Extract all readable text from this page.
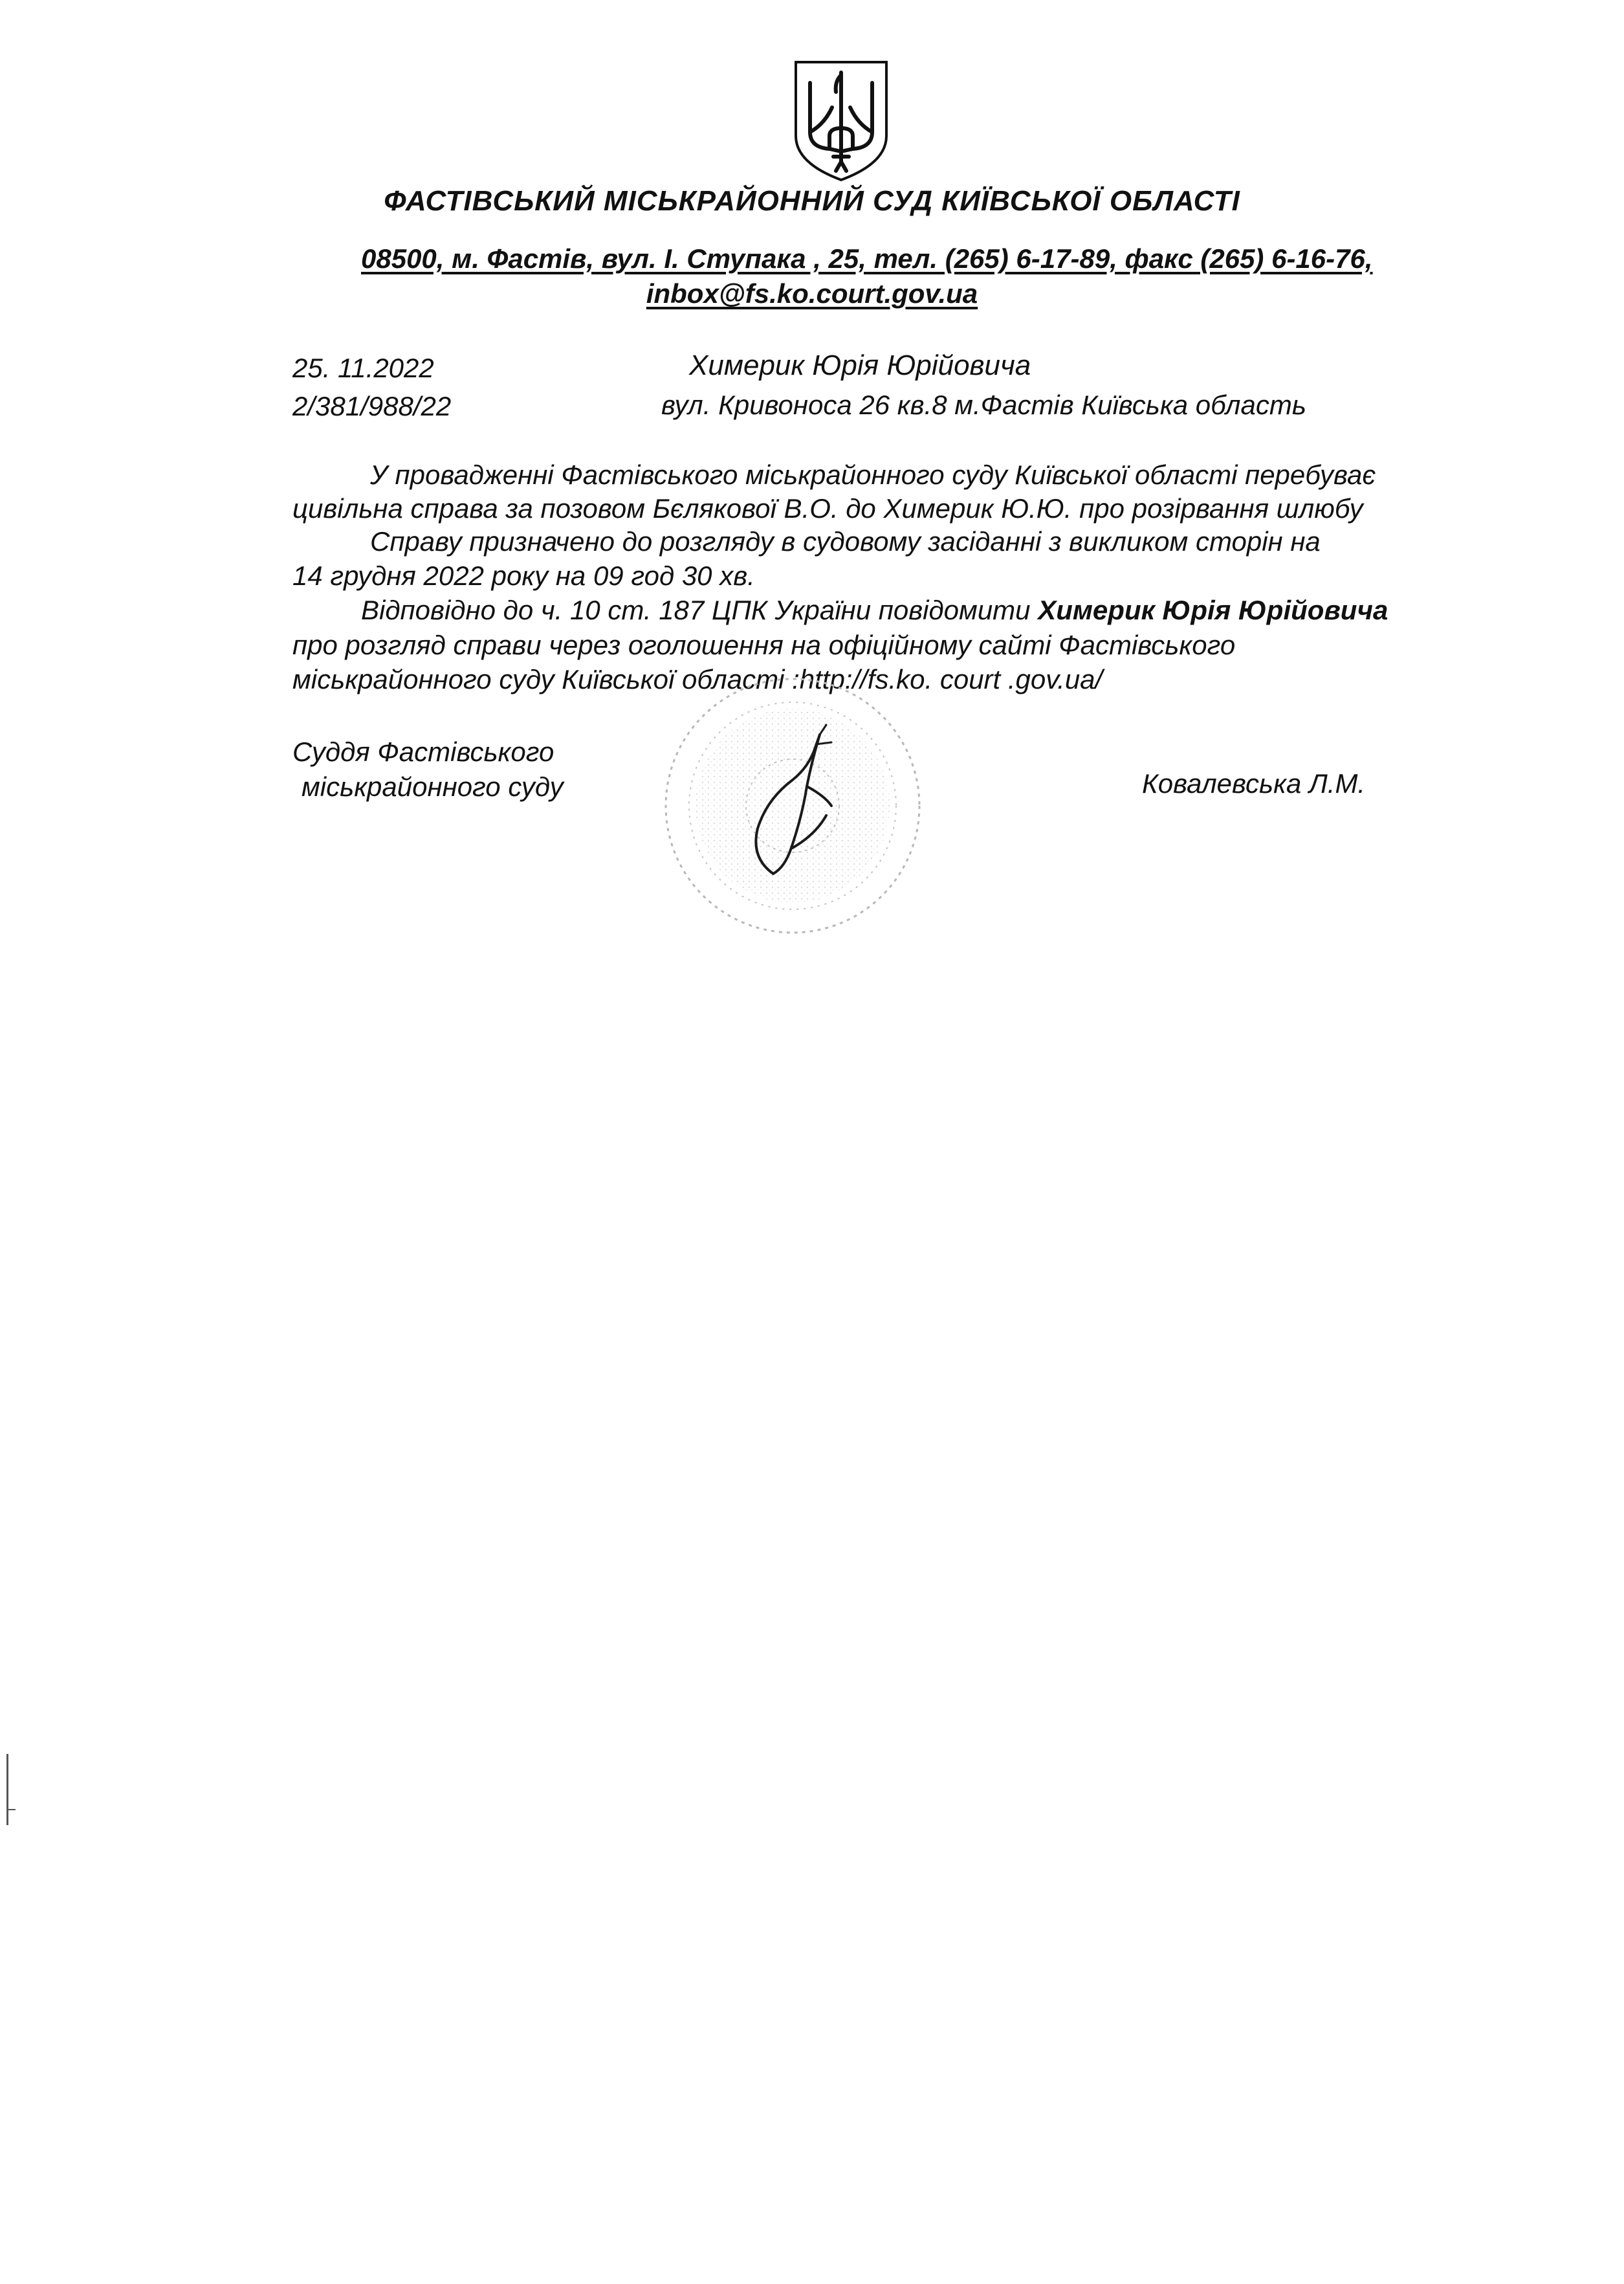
ФАСТІВСЬКИЙ МІСЬКРАЙОННИЙ СУД КИЇВСЬКОЇ ОБЛАСТІ
08500, м. Фастів, вул. І. Ступака , 25, тел. (265) 6-17-89, факс (265) 6-16-76,
inbox@fs.ko.court.gov.ua
25. 11.2022
2/381/988/22
Химерик Юрія Юрійовича
вул. Кривоноса 26 кв.8 м.Фастів Київська область
У провадженні Фастівського міськрайонного суду Київської області перебуває
цивільна справа за позовом Бєлякової В.О. до Химерик Ю.Ю. про розірвання шлюбу
Справу призначено до розгляду в судовому засіданні з викликом сторін на
14 грудня 2022 року на 09 год 30 хв.
Відповідно до ч. 10 ст. 187 ЦПК України повідомити Химерик Юрія Юрійовича
про розгляд справи через оголошення на офіційному сайті Фастівського
міськрайонного суду Київської області :http://fs.ko. court .gov.ua/
Суддя Фастівського
міськрайонного суду	Ковалевська Л.М.
